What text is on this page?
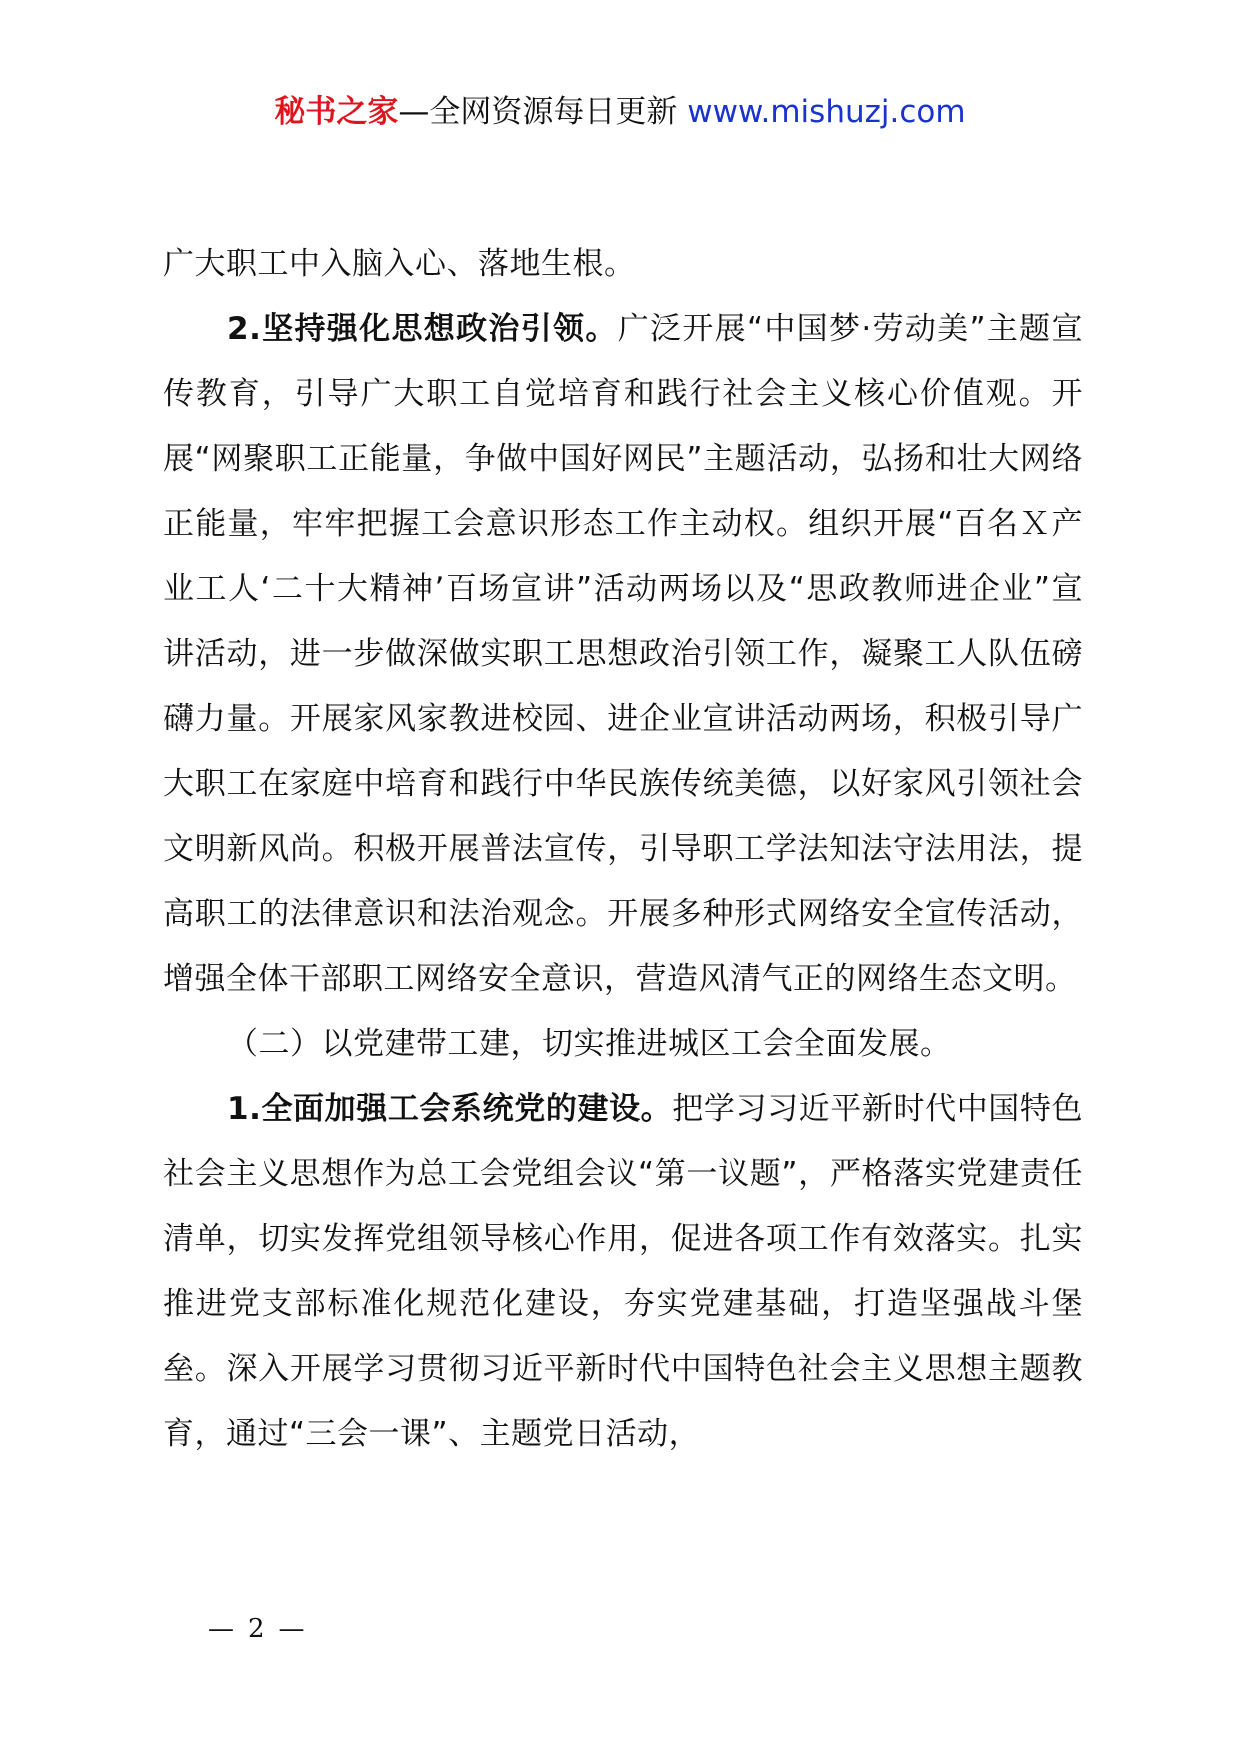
秘书之家—全网资源每日更新 www.mishuzj.com

广大职工中入脑入心、落地生根。

2.坚持强化思想政治引领。广泛开展“中国梦·劳动美”主题宣传教育，引导广大职工自觉培育和践行社会主义核心价值观。开展“网聚职工正能量，争做中国好网民”主题活动，弘扬和壮大网络正能量，牢牢把握工会意识形态工作主动权。组织开展“百名Ｘ产业工人‘二十大精神’百场宣讲”活动两场以及“思政教师进企业”宣讲活动，进一步做深做实职工思想政治引领工作，凝聚工人队伍磅礴力量。开展家风家教进校园、进企业宣讲活动两场，积极引导广大职工在家庭中培育和践行中华民族传统美德，以好家风引领社会文明新风尚。积极开展普法宣传，引导职工学法知法守法用法，提高职工的法律意识和法治观念。开展多种形式网络安全宣传活动，增强全体干部职工网络安全意识，营造风清气正的网络生态文明。

（二）以党建带工建，切实推进城区工会全面发展。

1.全面加强工会系统党的建设。把学习习近平新时代中国特色社会主义思想作为总工会党组会议“第一议题”，严格落实党建责任清单，切实发挥党组领导核心作用，促进各项工作有效落实。扎实推进党支部标准化规范化建设，夯实党建基础，打造坚强战斗堡垒。深入开展学习贯彻习近平新时代中国特色社会主义思想主题教育，通过“三会一课”、主题党日活动，

— 2 —
